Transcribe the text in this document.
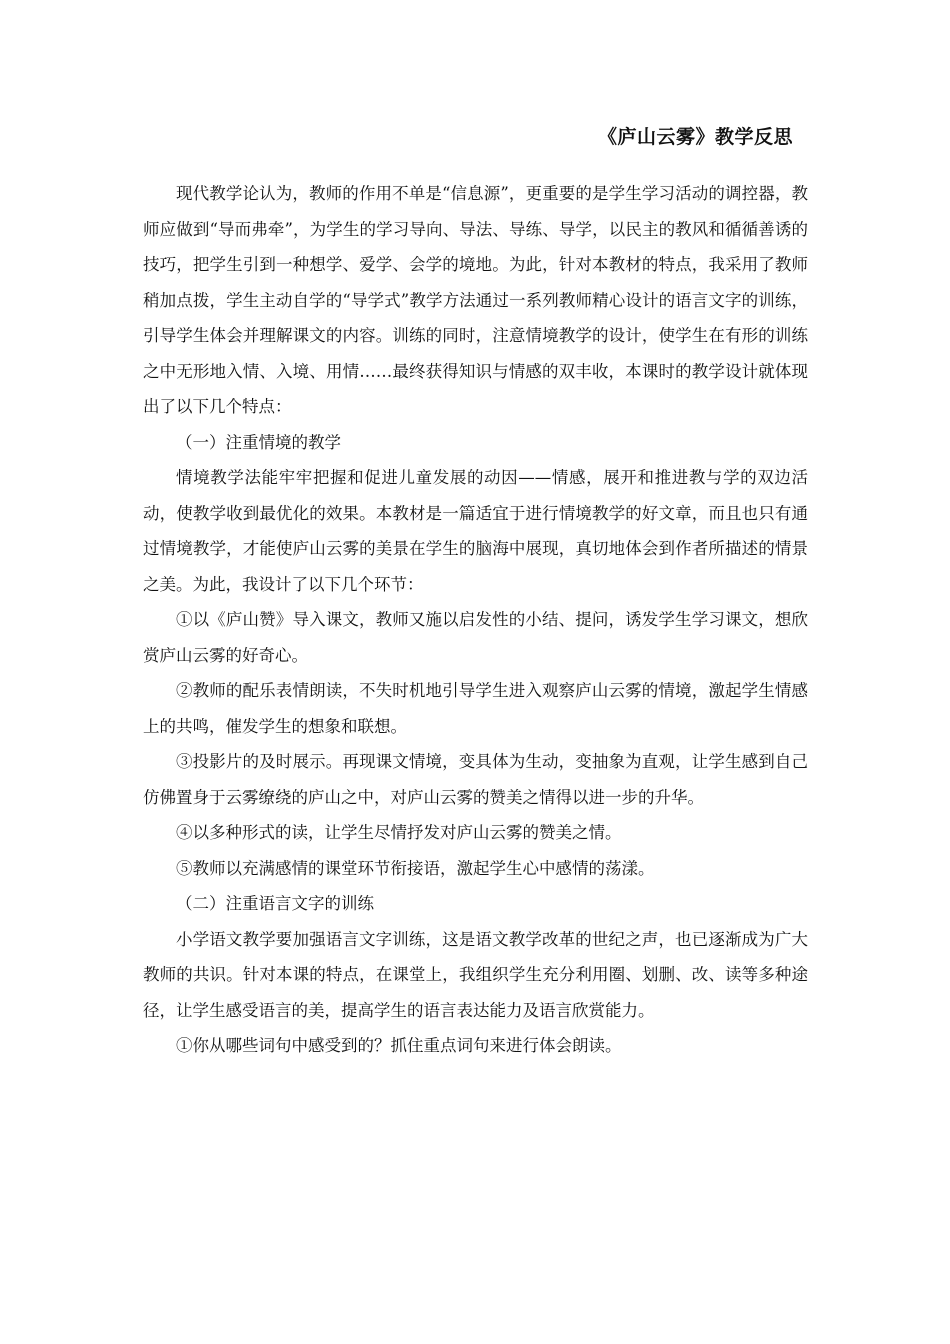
《庐山云雾》教学反思

现代教学论认为，教师的作用不单是“信息源”，更重要的是学生学习活动的调控器，教师应做到“导而弗牵”，为学生的学习导向、导法、导练、导学，以民主的教风和循循善诱的技巧，把学生引到一种想学、爱学、会学的境地。为此，针对本教材的特点，我采用了教师稍加点拨，学生主动自学的“导学式”教学方法通过一系列教师精心设计的语言文字的训练，引导学生体会并理解课文的内容。训练的同时，注意情境教学的设计，使学生在有形的训练之中无形地入情、入境、用情……最终获得知识与情感的双丰收，本课时的教学设计就体现出了以下几个特点：

（一）注重情境的教学

情境教学法能牢牢把握和促进儿童发展的动因——情感，展开和推进教与学的双边活动，使教学收到最优化的效果。本教材是一篇适宜于进行情境教学的好文章，而且也只有通过情境教学，才能使庐山云雾的美景在学生的脑海中展现，真切地体会到作者所描述的情景之美。为此，我设计了以下几个环节：

①以《庐山赞》导入课文，教师又施以启发性的小结、提问，诱发学生学习课文，想欣赏庐山云雾的好奇心。

②教师的配乐表情朗读，不失时机地引导学生进入观察庐山云雾的情境，激起学生情感上的共鸣，催发学生的想象和联想。

③投影片的及时展示。再现课文情境，变具体为生动，变抽象为直观，让学生感到自己仿佛置身于云雾缭绕的庐山之中，对庐山云雾的赞美之情得以进一步的升华。

④以多种形式的读，让学生尽情抒发对庐山云雾的赞美之情。

⑤教师以充满感情的课堂环节衔接语，激起学生心中感情的荡漾。

（二）注重语言文字的训练

小学语文教学要加强语言文字训练，这是语文教学改革的世纪之声，也已逐渐成为广大教师的共识。针对本课的特点，在课堂上，我组织学生充分利用圈、划删、改、读等多种途径，让学生感受语言的美，提高学生的语言表达能力及语言欣赏能力。

①你从哪些词句中感受到的？抓住重点词句来进行体会朗读。
